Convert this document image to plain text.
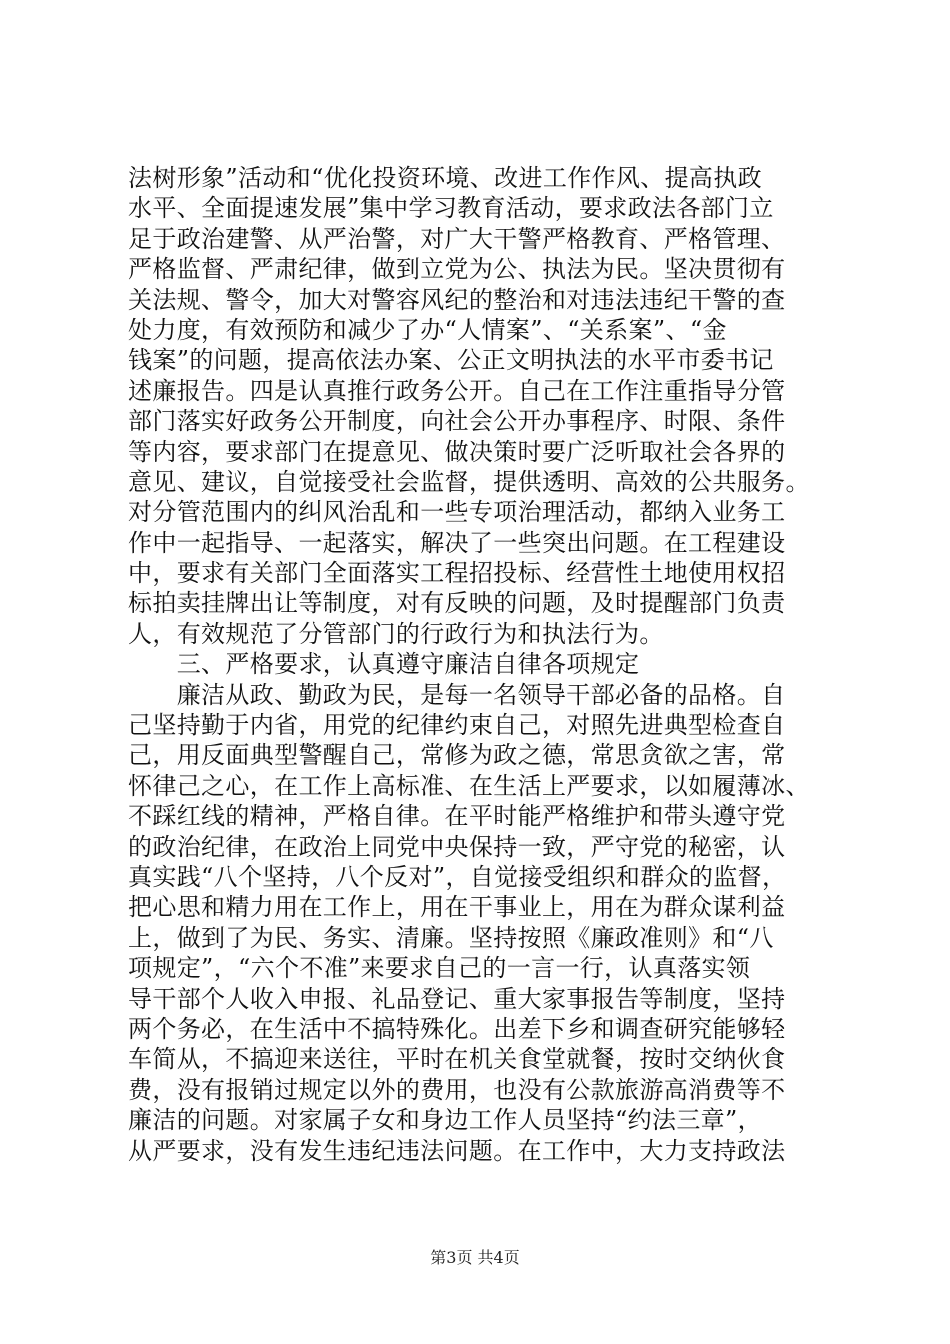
法树形象”活动和“优化投资环境、改进工作作风、提高执政
水平、全面提速发展”集中学习教育活动，要求政法各部门立
足于政治建警、从严治警，对广大干警严格教育、严格管理、
严格监督、严肃纪律，做到立党为公、执法为民。坚决贯彻有
关法规、警令，加大对警容风纪的整治和对违法违纪干警的查
处力度，有效预防和减少了办“人情案”、“关系案”、“金
钱案”的问题，提高依法办案、公正文明执法的水平市委书记
述廉报告。四是认真推行政务公开。自己在工作注重指导分管
部门落实好政务公开制度，向社会公开办事程序、时限、条件
等内容，要求部门在提意见、做决策时要广泛听取社会各界的
意见、建议，自觉接受社会监督，提供透明、高效的公共服务。
对分管范围内的纠风治乱和一些专项治理活动，都纳入业务工
作中一起指导、一起落实，解决了一些突出问题。在工程建设
中，要求有关部门全面落实工程招投标、经营性土地使用权招
标拍卖挂牌出让等制度，对有反映的问题，及时提醒部门负责
人，有效规范了分管部门的行政行为和执法行为。
　　三、严格要求，认真遵守廉洁自律各项规定
　　廉洁从政、勤政为民，是每一名领导干部必备的品格。自
己坚持勤于内省，用党的纪律约束自己，对照先进典型检查自
己，用反面典型警醒自己，常修为政之德，常思贪欲之害，常
怀律己之心，在工作上高标准、在生活上严要求，以如履薄冰、
不踩红线的精神，严格自律。在平时能严格维护和带头遵守党
的政治纪律，在政治上同党中央保持一致，严守党的秘密，认
真实践“八个坚持，八个反对”，自觉接受组织和群众的监督，
把心思和精力用在工作上，用在干事业上，用在为群众谋利益
上，做到了为民、务实、清廉。坚持按照《廉政准则》和“八
项规定”，“六个不准”来要求自己的一言一行，认真落实领
导干部个人收入申报、礼品登记、重大家事报告等制度，坚持
两个务必，在生活中不搞特殊化。出差下乡和调查研究能够轻
车简从，不搞迎来送往，平时在机关食堂就餐，按时交纳伙食
费，没有报销过规定以外的费用，也没有公款旅游高消费等不
廉洁的问题。对家属子女和身边工作人员坚持“约法三章”，
从严要求，没有发生违纪违法问题。在工作中，大力支持政法
第3页 共4页
